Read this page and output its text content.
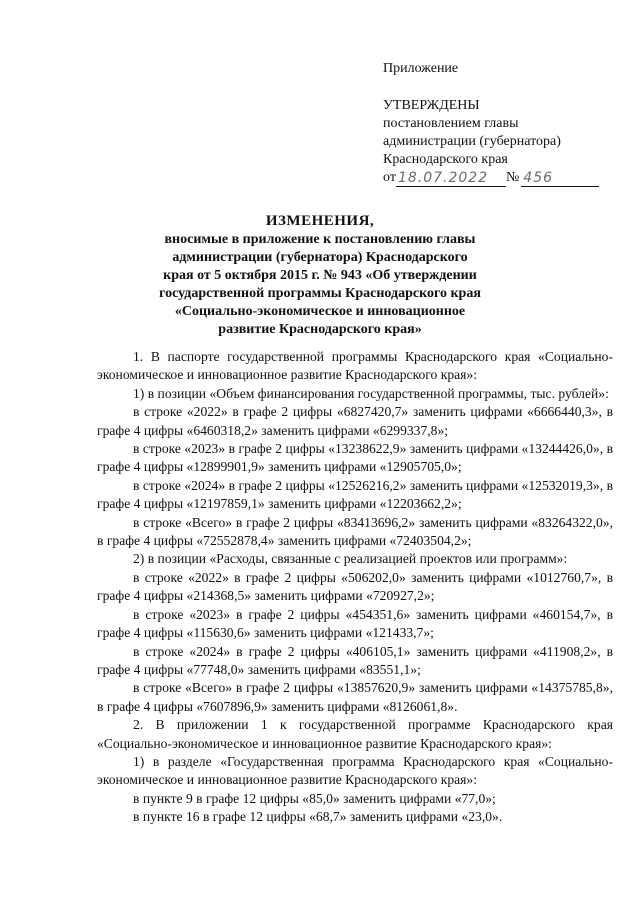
Приложение
УТВЕРЖДЕНЫ
постановлением главы
администрации (губернатора)
Краснодарского края
от 18.07.2022	№ 456
ИЗМЕНЕНИЯ,
вносимые в приложение к постановлению главы
администрации (губернатора) Краснодарского
края от 5 октября 2015 г. № 943 «Об утверждении
государственной программы Краснодарского края
«Социально-экономическое и инновационное
развитие Краснодарского края»

1. В паспорте государственной программы Краснодарского края «Социально-экономическое и инновационное развитие Краснодарского края»:

1) в позиции «Объем финансирования государственной программы, тыс. рублей»:

в строке «2022» в графе 2 цифры «6827420,7» заменить цифрами «6666440,3», в графе 4 цифры «6460318,2» заменить цифрами «6299337,8»;

в строке «2023» в графе 2 цифры «13238622,9» заменить цифрами «13244426,0», в графе 4 цифры «12899901,9» заменить цифрами «12905705,0»;

в строке «2024» в графе 2 цифры «12526216,2» заменить цифрами «12532019,3», в графе 4 цифры «12197859,1» заменить цифрами «12203662,2»;

в строке «Всего» в графе 2 цифры «83413696,2» заменить цифрами «83264322,0», в графе 4 цифры «72552878,4» заменить цифрами «72403504,2»;

2) в позиции «Расходы, связанные с реализацией проектов или программ»:

в строке «2022» в графе 2 цифры «506202,0» заменить цифрами «1012760,7», в графе 4 цифры «214368,5» заменить цифрами «720927,2»;

в строке «2023» в графе 2 цифры «454351,6» заменить цифрами «460154,7», в графе 4 цифры «115630,6» заменить цифрами «121433,7»;

в строке «2024» в графе 2 цифры «406105,1» заменить цифрами «411908,2», в графе 4 цифры «77748,0» заменить цифрами «83551,1»;

в строке «Всего» в графе 2 цифры «13857620,9» заменить цифрами «14375785,8», в графе 4 цифры «7607896,9» заменить цифрами «8126061,8».

2. В приложении 1 к государственной программе Краснодарского края «Социально-экономическое и инновационное развитие Краснодарского края»:

1) в разделе «Государственная программа Краснодарского края «Социально-экономическое и инновационное развитие Краснодарского края»:

в пункте 9 в графе 12 цифры «85,0» заменить цифрами «77,0»;

в пункте 16 в графе 12 цифры «68,7» заменить цифрами «23,0».
